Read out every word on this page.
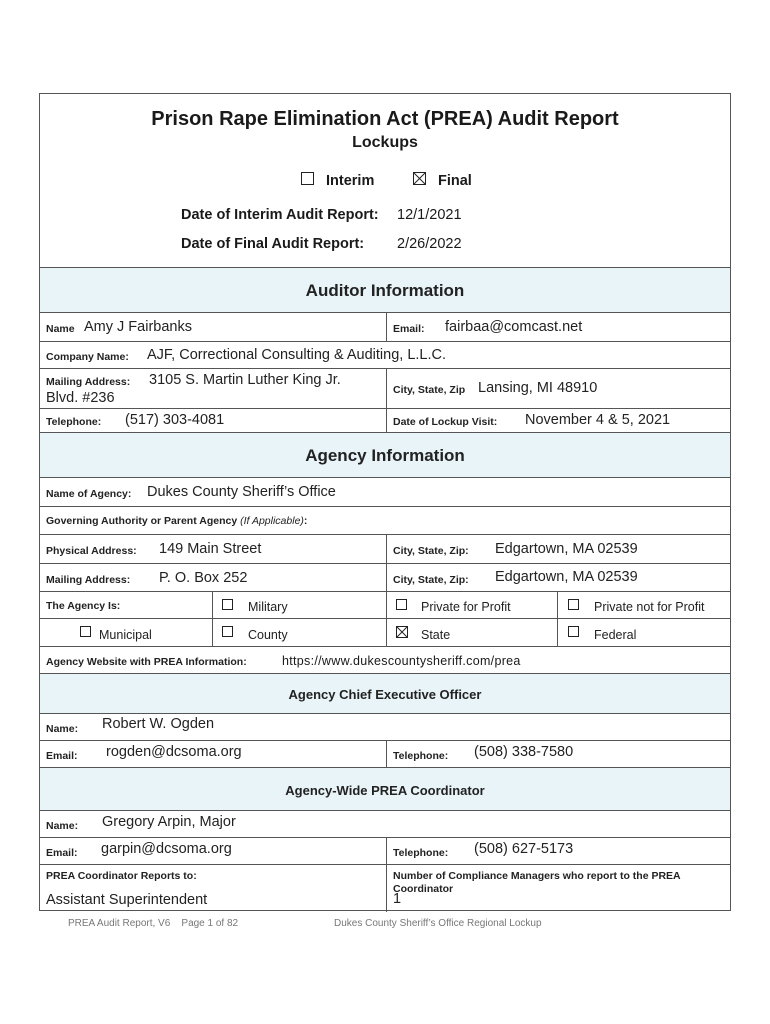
Prison Rape Elimination Act (PREA) Audit Report
Lockups
Interim	Final
Date of Interim Audit Report: 12/1/2021
Date of Final Audit Report: 2/26/2022
Auditor Information
Name Amy J Fairbanks	Email: fairbaa@comcast.net
Company Name: AJF, Correctional Consulting & Auditing, L.L.C.
Mailing Address: 3105 S. Martin Luther King Jr.
Blvd. #236	City, State, Zip Lansing, MI 48910
Telephone: (517) 303-4081	Date of Lockup Visit: November 4 & 5, 2021
Agency Information
Name of Agency: Dukes County Sheriff’s Office
Governing Authority or Parent Agency (If Applicable):
Physical Address: 149 Main Street	City, State, Zip: Edgartown, MA 02539
Mailing Address: P. O. Box 252	City, State, Zip: Edgartown, MA 02539
The Agency Is:	Military	Private for Profit	Private not for Profit
Municipal	County	State	Federal
Agency Website with PREA Information:	https://www.dukescountysheriff.com/prea
Agency Chief Executive Officer
Name: Robert W. Ogden
Email: rogden@dcsoma.org	Telephone: (508) 338-7580
Agency-Wide PREA Coordinator
Name: Gregory Arpin, Major
Email: garpin@dcsoma.org	Telephone: (508) 627-5173
PREA Coordinator Reports to:
Assistant Superintendent
Number of Compliance Managers who report to the PREA Coordinator
1
PREA Audit Report, V6    Page 1 of 82	Dukes County Sheriff’s Office Regional Lockup
